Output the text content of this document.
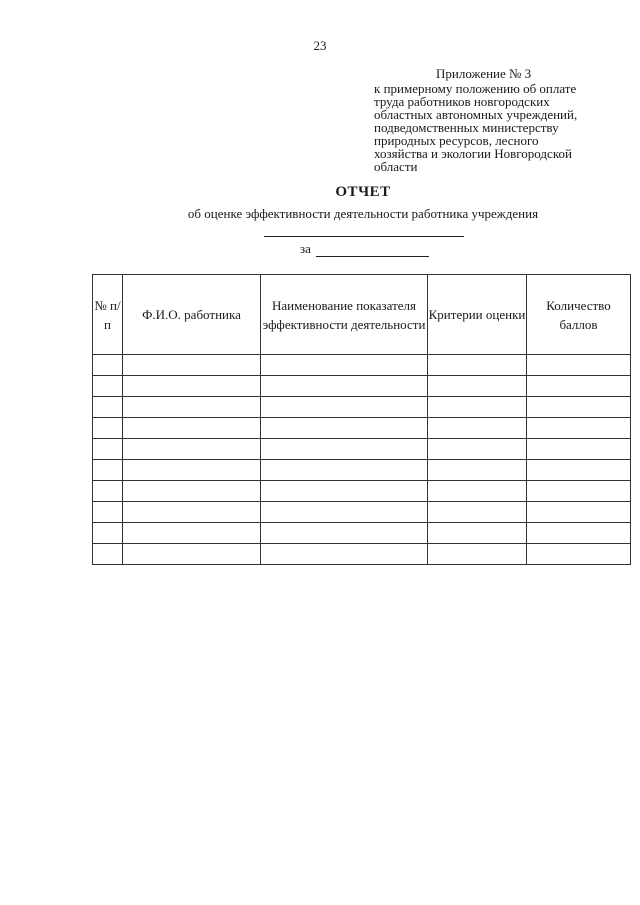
23
Приложение № 3
к примерному положению об оплате
труда работников новгородских
областных автономных учреждений,
подведомственных министерству
природных ресурсов, лесного
хозяйства и экологии Новгородской
области
ОТЧЕТ
об оценке эффективности деятельности работника учреждения
за
№ п/п	Ф.И.О. работника	Наименование показателя эффективности деятельности	Критерии оценки	Количество баллов
